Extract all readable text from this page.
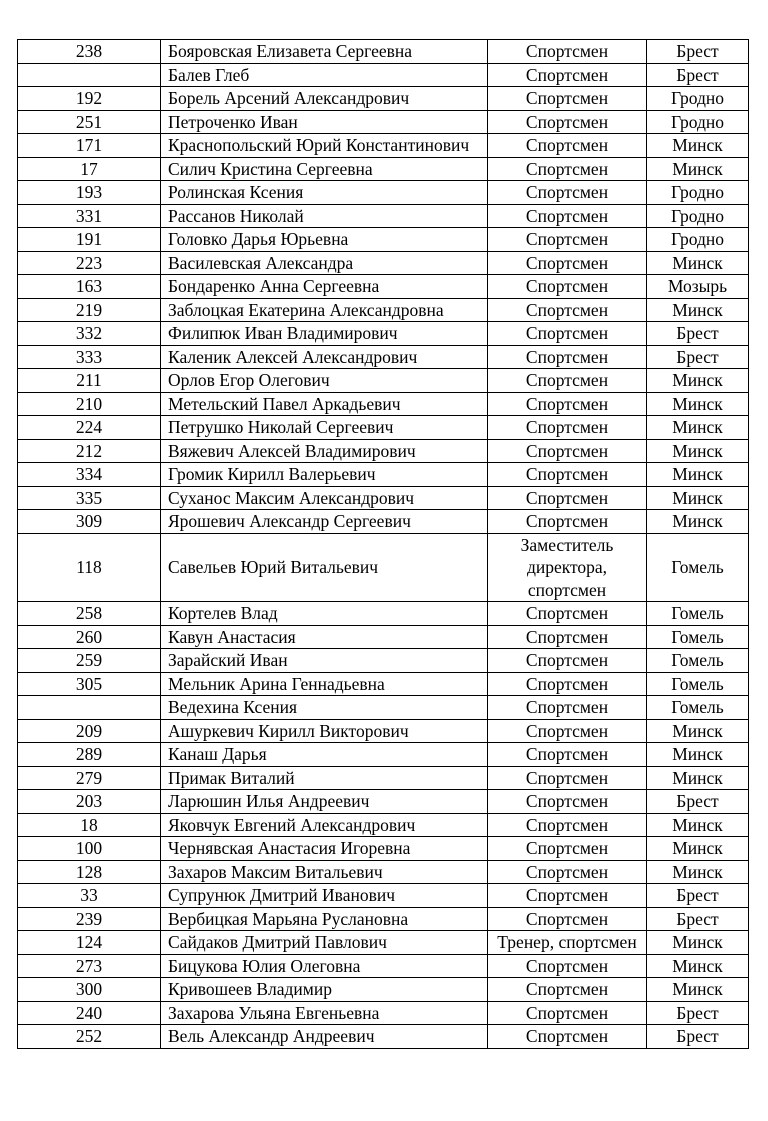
238	Бояровская Елизавета Сергеевна	Спортсмен	Брест
	Балев Глеб	Спортсмен	Брест
192	Борель Арсений Александрович	Спортсмен	Гродно
251	Петроченко Иван	Спортсмен	Гродно
171	Краснопольский Юрий Константинович	Спортсмен	Минск
17	Силич Кристина Сергеевна	Спортсмен	Минск
193	Ролинская Ксения	Спортсмен	Гродно
331	Рассанов Николай	Спортсмен	Гродно
191	Головко Дарья Юрьевна	Спортсмен	Гродно
223	Василевская Александра	Спортсмен	Минск
163	Бондаренко Анна Сергеевна	Спортсмен	Мозырь
219	Заблоцкая Екатерина Александровна	Спортсмен	Минск
332	Филипюк Иван Владимирович	Спортсмен	Брест
333	Каленик Алексей Александрович	Спортсмен	Брест
211	Орлов Егор Олегович	Спортсмен	Минск
210	Метельский Павел Аркадьевич	Спортсмен	Минск
224	Петрушко Николай Сергеевич	Спортсмен	Минск
212	Вяжевич Алексей Владимирович	Спортсмен	Минск
334	Громик Кирилл Валерьевич	Спортсмен	Минск
335	Суханос Максим Александрович	Спортсмен	Минск
309	Ярошевич Александр Сергеевич	Спортсмен	Минск
118	Савельев Юрий Витальевич	Заместитель директора, спортсмен	Гомель
258	Кортелев Влад	Спортсмен	Гомель
260	Кавун Анастасия	Спортсмен	Гомель
259	Зарайский Иван	Спортсмен	Гомель
305	Мельник Арина Геннадьевна	Спортсмен	Гомель
	Ведехина Ксения	Спортсмен	Гомель
209	Ашуркевич Кирилл Викторович	Спортсмен	Минск
289	Канаш Дарья	Спортсмен	Минск
279	Примак Виталий	Спортсмен	Минск
203	Ларюшин Илья Андреевич	Спортсмен	Брест
18	Яковчук Евгений Александрович	Спортсмен	Минск
100	Чернявская Анастасия Игоревна	Спортсмен	Минск
128	Захаров Максим Витальевич	Спортсмен	Минск
33	Супрунюк Дмитрий Иванович	Спортсмен	Брест
239	Вербицкая Марьяна Руслановна	Спортсмен	Брест
124	Сайдаков Дмитрий Павлович	Тренер, спортсмен	Минск
273	Бицукова Юлия Олеговна	Спортсмен	Минск
300	Кривошеев Владимир	Спортсмен	Минск
240	Захарова Ульяна Евгеньевна	Спортсмен	Брест
252	Вель Александр Андреевич	Спортсмен	Брест
